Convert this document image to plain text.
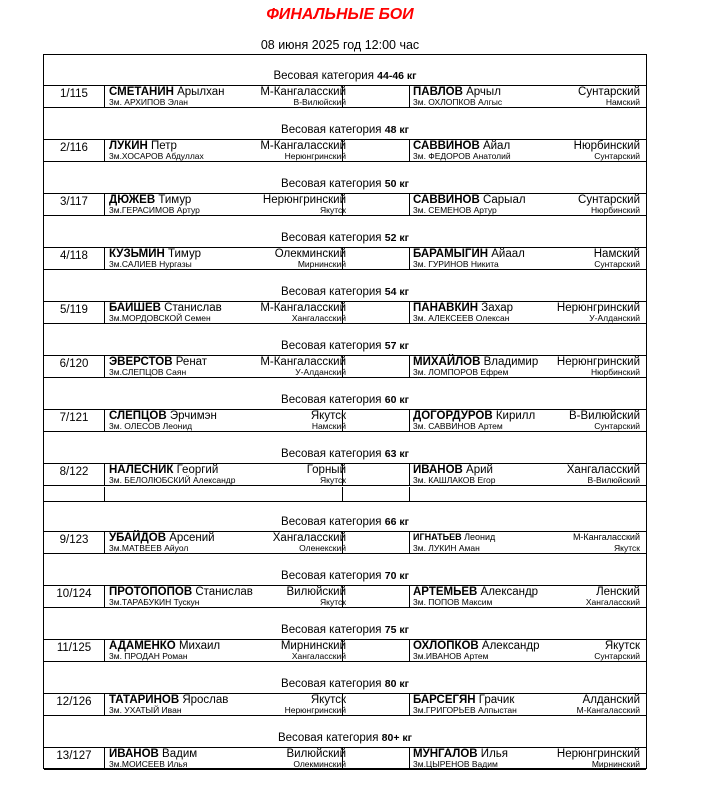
ФИНАЛЬНЫЕ БОИ
08 июня 2025 год 12:00 час
Весовая категория 44-46 кг
1/115	СМЕТАНИН Арылхан	М-Кангаласский
3м. АРХИПОВ Элан	В-Вилюйский
ПАВЛОВ Арчыл	Сунтарский
3м. ОХЛОПКОВ Алгыс	Намский
Весовая категория 48 кг
2/116	ЛУКИН Петр	М-Кангаласский
3м.ХОСАРОВ Абдуллах	Нерюнгринский
САВВИНОВ Айал	Нюрбинский
3м. ФЕДОРОВ Анатолий	Сунтарский
Весовая категория 50 кг
3/117	ДЮЖЕВ Тимур	Нерюнгринский
3м.ГЕРАСИМОВ Артур	Якутск
САВВИНОВ Сарыал	Сунтарский
3м. СЕМЕНОВ Артур	Нюрбинский
Весовая категория 52 кг
4/118	КУЗЬМИН Тимур	Олекминский
3м.САЛИЕВ Нургазы	Мирнинский
БАРАМЫГИН Айаал	Намский
3м. ГУРИНОВ Никита	Сунтарский
Весовая категория 54 кг
5/119	БАИШЕВ Станислав	М-Кангаласский
3м.МОРДОВСКОЙ Семен	Хангаласский
ПАНАВКИН Захар	Нерюнгринский
3м. АЛЕКСЕЕВ Олексан	У-Алданский
Весовая категория 57 кг
6/120	ЭВЕРСТОВ Ренат	М-Кангаласский
3м.СЛЕПЦОВ Саян	У-Алданский
МИХАЙЛОВ Владимир Нерюнгринский
3м. ЛОМПОРОВ Ефрем	Нюрбинский
Весовая категория 60 кг
7/121	СЛЕПЦОВ Эрчимэн	Якутск
3м. ОЛЕСОВ Леонид	Намский
ДОГОРДУРОВ Кирилл	В-Вилюйский
3м. САВВИНОВ Артем	Сунтарский
Весовая категория 63 кг
8/122	НАЛЕСНИК Георгий	Горный
3м. БЕЛОЛЮБСКИЙ Александр	Якутск
ИВАНОВ Арий	Хангаласский
3м. КАШЛАКОВ Егор	В-Вилюйский
Весовая категория 66 кг
9/123	УБАЙДОВ Арсений	Хангаласский
3м.МАТВЕЕВ Айуол	Оленекский
ИГНАТЬЕВ Леонид	М-Кангаласский
3м. ЛУКИН Аман	Якутск
Весовая категория 70 кг
10/124	ПРОТОПОПОВ Станислав	Вилюйский
3м.ТАРАБУКИН Тускун	Якутск
АРТЕМЬЕВ Александр	Ленский
3м. ПОПОВ Максим	Хангаласский
Весовая категория 75 кг
11/125	АДАМЕНКО Михаил	Мирнинский
3м. ПРОДАН Роман	Хангаласский
ОХЛОПКОВ Александр	Якутск
3м.ИВАНОВ Артем	Сунтарский
Весовая категория 80 кг
12/126	ТАТАРИНОВ Ярослав	Якутск
3м. УХАТЫЙ Иван	Нерюнгринский
БАРСЕГЯН Грачик	Алданский
3м.ГРИГОРЬЕВ Алпыстан	М-Кангаласский
Весовая категория 80+ кг
13/127	ИВАНОВ Вадим	Вилюйский
3м.МОИСЕЕВ Илья	Олекминский
МУНГАЛОВ Илья	Нерюнгринский
3м.ЦЫРЕНОВ Вадим	Мирнинский
